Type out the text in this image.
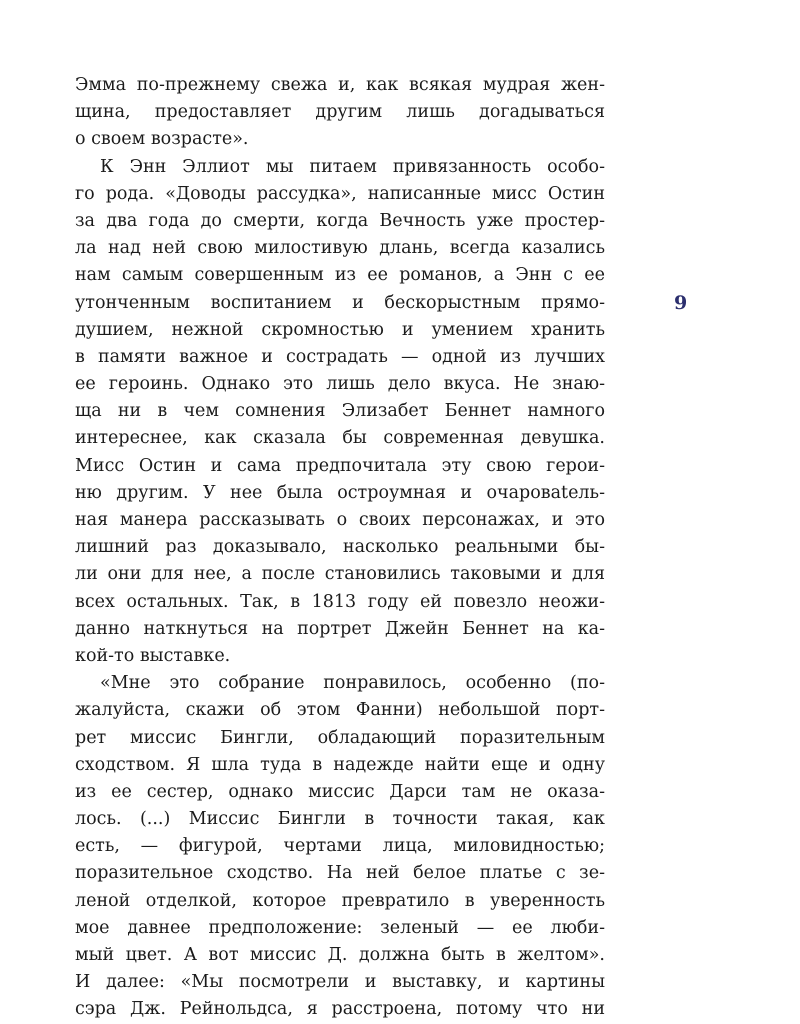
Эмма по-прежнему свежа и, как всякая мудрая жен-
щина, предоставляет другим лишь догадываться
о своем возрасте».
К Энн Эллиот мы питаем привязанность особо-
го рода. «Доводы рассудка», написанные мисс Остин
за два года до смерти, когда Вечность уже простер-
ла над ней свою милостивую длань, всегда казались
нам самым совершенным из ее романов, а Энн с ее
утонченным воспитанием и бескорыстным прямо-
душием, нежной скромностью и умением хранить
в памяти важное и сострадать — одной из лучших
ее героинь. Однако это лишь дело вкуса. Не знаю-
ща ни в чем сомнения Элизабет Беннет намного
интереснее, как сказала бы современная девушка.
Мисс Остин и сама предпочитала эту свою герои-
ню другим. У нее была остроумная и очаровatель-
ная манера рассказывать о своих персонажах, и это
лишний раз доказывало, насколько реальными бы-
ли они для нее, а после становились таковыми и для
всех остальных. Так, в 1813 году ей повезло неожи-
данно наткнуться на портрет Джейн Беннет на ка-
кой-то выставке.
«Мне это собрание понравилось, особенно (по-
жалуйста, скажи об этом Фанни) небольшой порт-
рет миссис Бингли, обладающий поразительным
сходством. Я шла туда в надежде найти еще и одну
из ее сестер, однако миссис Дарси там не оказа-
лось. (...) Миссис Бингли в точности такая, как
есть, — фигурой, чертами лица, миловидностью;
поразительное сходство. На ней белое платье с зе-
леной отделкой, которое превратило в уверенность
мое давнее предположение: зеленый — ее люби-
мый цвет. А вот миссис Д. должна быть в желтом».
И далее: «Мы посмотрели и выставку, и картины
сэра Дж. Рейнольдса, я расстроена, потому что ни
9
